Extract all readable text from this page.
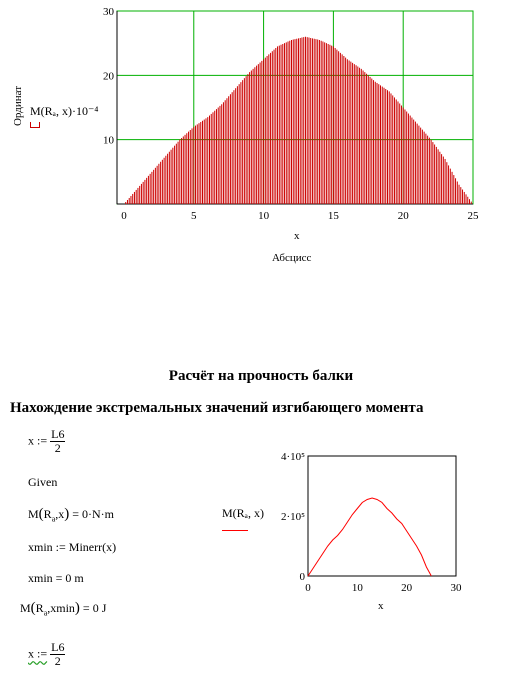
0	5	10	15	20	25
10
20
30
Ординат M(Rₐ, x)·10⁻⁴
x
Абсцисс
Расчёт на прочность балки
Нахождение экстремальных значений изгибающего момента
x := $\frac{L6}{2}$
Given
$M(R_a,x) = 0\cdot N\cdot m$
xmin := Minerr(x)
xmin = 0 m
$M(R_a,xmin) = 0$ J
x := $\frac{L6}{2}$
0	10	20	30
0
2·10⁵
4·10⁵
M(Rₐ, x)
x
